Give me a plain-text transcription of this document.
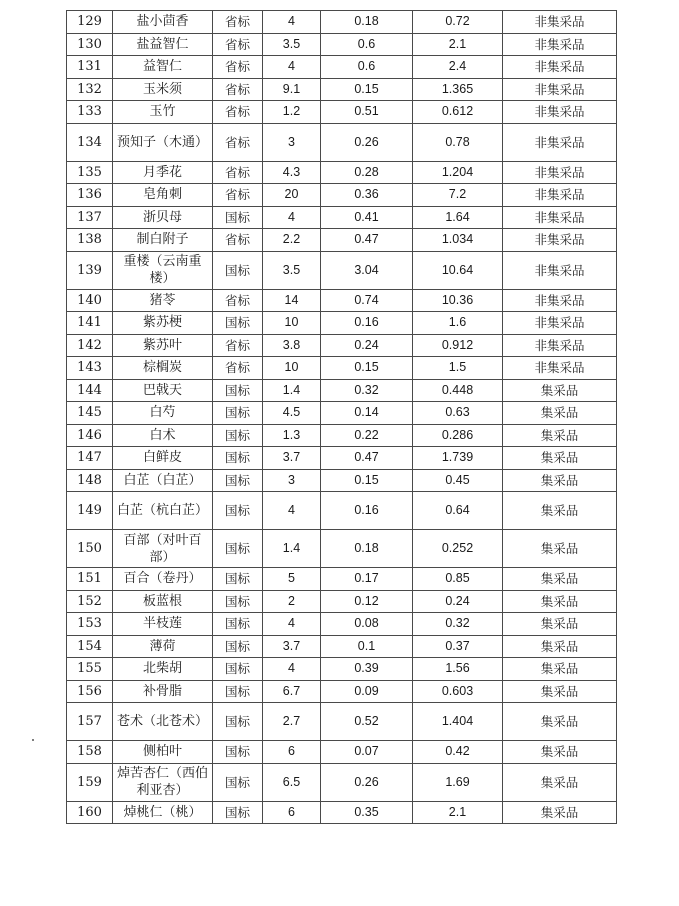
129	盐小茴香	省标	4	0.18	0.72	非集采品
130	盐益智仁	省标	3.5	0.6	2.1	非集采品
131	益智仁	省标	4	0.6	2.4	非集采品
132	玉米须	省标	9.1	0.15	1.365	非集采品
133	玉竹	省标	1.2	0.51	0.612	非集采品
134	预知子（木通）	省标	3	0.26	0.78	非集采品
135	月季花	省标	4.3	0.28	1.204	非集采品
136	皂角刺	省标	20	0.36	7.2	非集采品
137	浙贝母	国标	4	0.41	1.64	非集采品
138	制白附子	省标	2.2	0.47	1.034	非集采品
139	重楼（云南重楼）	国标	3.5	3.04	10.64	非集采品
140	猪苓	省标	14	0.74	10.36	非集采品
141	紫苏梗	国标	10	0.16	1.6	非集采品
142	紫苏叶	省标	3.8	0.24	0.912	非集采品
143	棕榈炭	省标	10	0.15	1.5	非集采品
144	巴戟天	国标	1.4	0.32	0.448	集采品
145	白芍	国标	4.5	0.14	0.63	集采品
146	白术	国标	1.3	0.22	0.286	集采品
147	白鲜皮	国标	3.7	0.47	1.739	集采品
148	白芷（白芷）	国标	3	0.15	0.45	集采品
149	白芷（杭白芷）	国标	4	0.16	0.64	集采品
150	百部（对叶百部）	国标	1.4	0.18	0.252	集采品
151	百合（卷丹）	国标	5	0.17	0.85	集采品
152	板蓝根	国标	2	0.12	0.24	集采品
153	半枝莲	国标	4	0.08	0.32	集采品
154	薄荷	国标	3.7	0.1	0.37	集采品
155	北柴胡	国标	4	0.39	1.56	集采品
156	补骨脂	国标	6.7	0.09	0.603	集采品
157	苍术（北苍术）	国标	2.7	0.52	1.404	集采品
158	侧柏叶	国标	6	0.07	0.42	集采品
159	焯苦杏仁（西伯利亚杏）	国标	6.5	0.26	1.69	集采品
160	焯桃仁（桃）	国标	6	0.35	2.1	集采品
